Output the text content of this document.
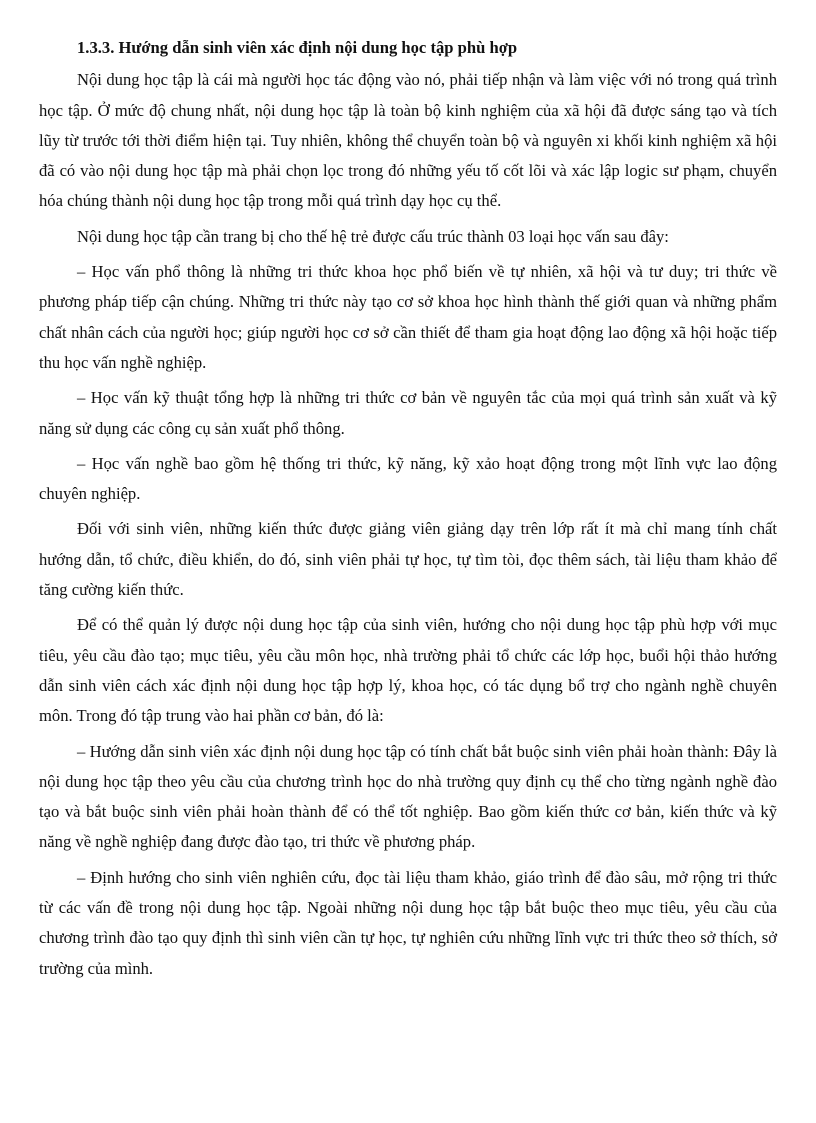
1.3.3. Hướng dẫn sinh viên xác định nội dung học tập phù hợp
Nội dung học tập là cái mà người học tác động vào nó, phải tiếp nhận và làm việc với nó trong quá trình học tập. Ở mức độ chung nhất, nội dung học tập là toàn bộ kinh nghiệm của xã hội đã được sáng tạo và tích lũy từ trước tới thời điểm hiện tại. Tuy nhiên, không thể chuyển toàn bộ và nguyên xi khối kinh nghiệm xã hội đã có vào nội dung học tập mà phải chọn lọc trong đó những yếu tố cốt lõi và xác lập logic sư phạm, chuyển hóa chúng thành nội dung học tập trong mỗi quá trình dạy học cụ thể.
Nội dung học tập cần trang bị cho thế hệ trẻ được cấu trúc thành 03 loại học vấn sau đây:
– Học vấn phổ thông là những tri thức khoa học phổ biến về tự nhiên, xã hội và tư duy; tri thức về phương pháp tiếp cận chúng. Những tri thức này tạo cơ sở khoa học hình thành thế giới quan và những phẩm chất nhân cách của người học; giúp người học cơ sở cần thiết để tham gia hoạt động lao động xã hội hoặc tiếp thu học vấn nghề nghiệp.
– Học vấn kỹ thuật tổng hợp là những tri thức cơ bản về nguyên tắc của mọi quá trình sản xuất và kỹ năng sử dụng các công cụ sản xuất phổ thông.
– Học vấn nghề bao gồm hệ thống tri thức, kỹ năng, kỹ xảo hoạt động trong một lĩnh vực lao động chuyên nghiệp.
Đối với sinh viên, những kiến thức được giảng viên giảng dạy trên lớp rất ít mà chỉ mang tính chất hướng dẫn, tổ chức, điều khiển, do đó, sinh viên phải tự học, tự tìm tòi, đọc thêm sách, tài liệu tham khảo để tăng cường kiến thức.
Để có thể quản lý được nội dung học tập của sinh viên, hướng cho nội dung học tập phù hợp với mục tiêu, yêu cầu đào tạo; mục tiêu, yêu cầu môn học, nhà trường phải tổ chức các lớp học, buổi hội thảo hướng dẫn sinh viên cách xác định nội dung học tập hợp lý, khoa học, có tác dụng bổ trợ cho ngành nghề chuyên môn. Trong đó tập trung vào hai phần cơ bản, đó là:
– Hướng dẫn sinh viên xác định nội dung học tập có tính chất bắt buộc sinh viên phải hoàn thành: Đây là nội dung học tập theo yêu cầu của chương trình học do nhà trường quy định cụ thể cho từng ngành nghề đào tạo và bắt buộc sinh viên phải hoàn thành để có thể tốt nghiệp. Bao gồm kiến thức cơ bản, kiến thức và kỹ năng về nghề nghiệp đang được đào tạo, tri thức về phương pháp.
– Định hướng cho sinh viên nghiên cứu, đọc tài liệu tham khảo, giáo trình để đào sâu, mở rộng tri thức từ các vấn đề trong nội dung học tập. Ngoài những nội dung học tập bắt buộc theo mục tiêu, yêu cầu của chương trình đào tạo quy định thì sinh viên cần tự học, tự nghiên cứu những lĩnh vực tri thức theo sở thích, sở trường của mình.
